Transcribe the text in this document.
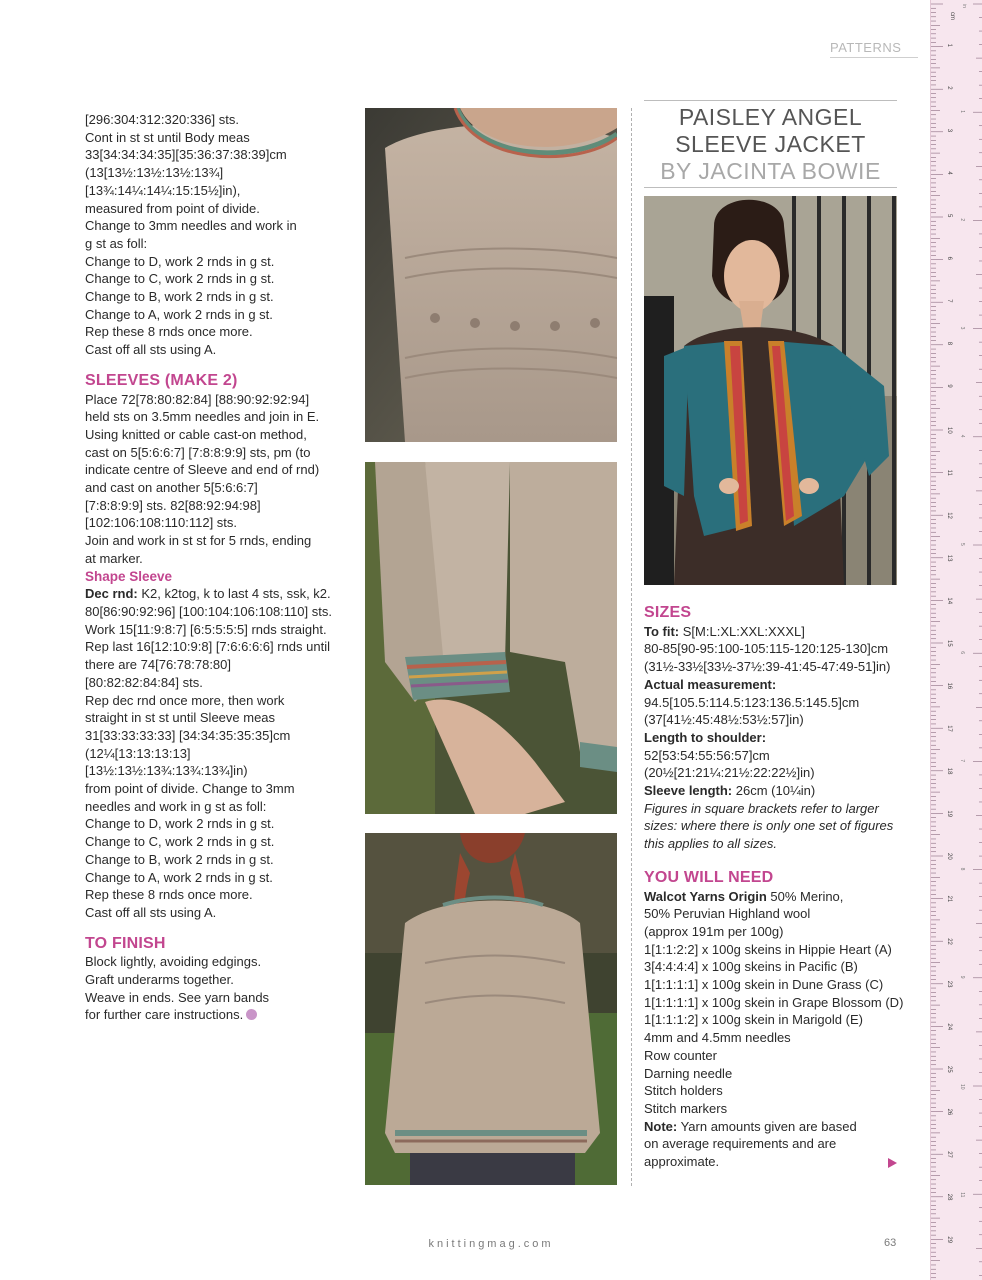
PATTERNS

[296:304:312:320:336] sts.

Cont in st st until Body meas

33[34:34:34:35][35:36:37:38:39]cm

(13[13½:13½:13½:13¾] [13¾:14¼:14¼:15:15½]in),

measured from point of divide.

Change to 3mm needles and work in

g st as foll:

Change to D, work 2 rnds in g st.

Change to C, work 2 rnds in g st.

Change to B, work 2 rnds in g st.

Change to A, work 2 rnds in g st.

Rep these 8 rnds once more.

Cast off all sts using A.

SLEEVES (MAKE 2)

Place 72[78:80:82:84] [88:90:92:92:94]

held sts on 3.5mm needles and join in E.

Using knitted or cable cast-on method,

cast on 5[5:6:6:7] [7:8:8:9:9] sts, pm (to

indicate centre of Sleeve and end of rnd)

and cast on another 5[5:6:6:7]

[7:8:8:9:9] sts. 82[88:92:94:98]

[102:106:108:110:112] sts.

Join and work in st st for 5 rnds, ending

at marker.

Shape Sleeve

Dec rnd: K2, k2tog, k to last 4 sts, ssk, k2.

80[86:90:92:96] [100:104:106:108:110] sts.

Work 15[11:9:8:7] [6:5:5:5:5] rnds straight.

Rep last 16[12:10:9:8] [7:6:6:6:6] rnds until

there are 74[76:78:78:80]

[80:82:82:84:84] sts.

Rep dec rnd once more, then work

straight in st st until Sleeve meas

31[33:33:33:33] [34:34:35:35:35]cm

(12¼[13:13:13:13] [13½:13½:13¾:13¾:13¾]in)

from point of divide. Change to 3mm

needles and work in g st as foll:

Change to D, work 2 rnds in g st.

Change to C, work 2 rnds in g st.

Change to B, work 2 rnds in g st.

Change to A, work 2 rnds in g st.

Rep these 8 rnds once more.

Cast off all sts using A.

TO FINISH

Block lightly, avoiding edgings.

Graft underarms together.

Weave in ends. See yarn bands

for further care instructions.

PAISLEY ANGEL
SLEEVE JACKET
BY JACINTA BOWIE
SIZES

To fit: S[M:L:XL:XXL:XXXL]

80-85[90-95:100-105:115-120:125-130]cm

(31½-33½[33½-37½:39-41:45-47:49-51]in)

Actual measurement:

94.5[105.5:114.5:123:136.5:145.5]cm

(37[41½:45:48½:53½:57]in)

Length to shoulder:

52[53:54:55:56:57]cm

(20½[21:21¼:21½:22:22½]in)

Sleeve length: 26cm (10¼in)

Figures in square brackets refer to larger

sizes: where there is only one set of figures

this applies to all sizes.

YOU WILL NEED

Walcot Yarns Origin 50% Merino,

50% Peruvian Highland wool

(approx 191m per 100g)

1[1:1:2:2] x 100g skeins in Hippie Heart (A)

3[4:4:4:4] x 100g skeins in Pacific (B)

1[1:1:1:1] x 100g skein in Dune Grass (C)

1[1:1:1:1] x 100g skein in Grape Blossom (D)

1[1:1:1:2] x 100g skein in Marigold (E)

4mm and 4.5mm needles

Row counter

Darning needle

Stitch holders

Stitch markers

Note: Yarn amounts given are based

on average requirements and are

approximate.

knittingmag.com	63
cm
in
1
2
3
4
5
6
7
8
9
10
11
12
13
14
15
16
17
18
19
20
21
22
23
24
25
26
27
28
29
1
2
3
4
5
6
7
8
9
10
11
